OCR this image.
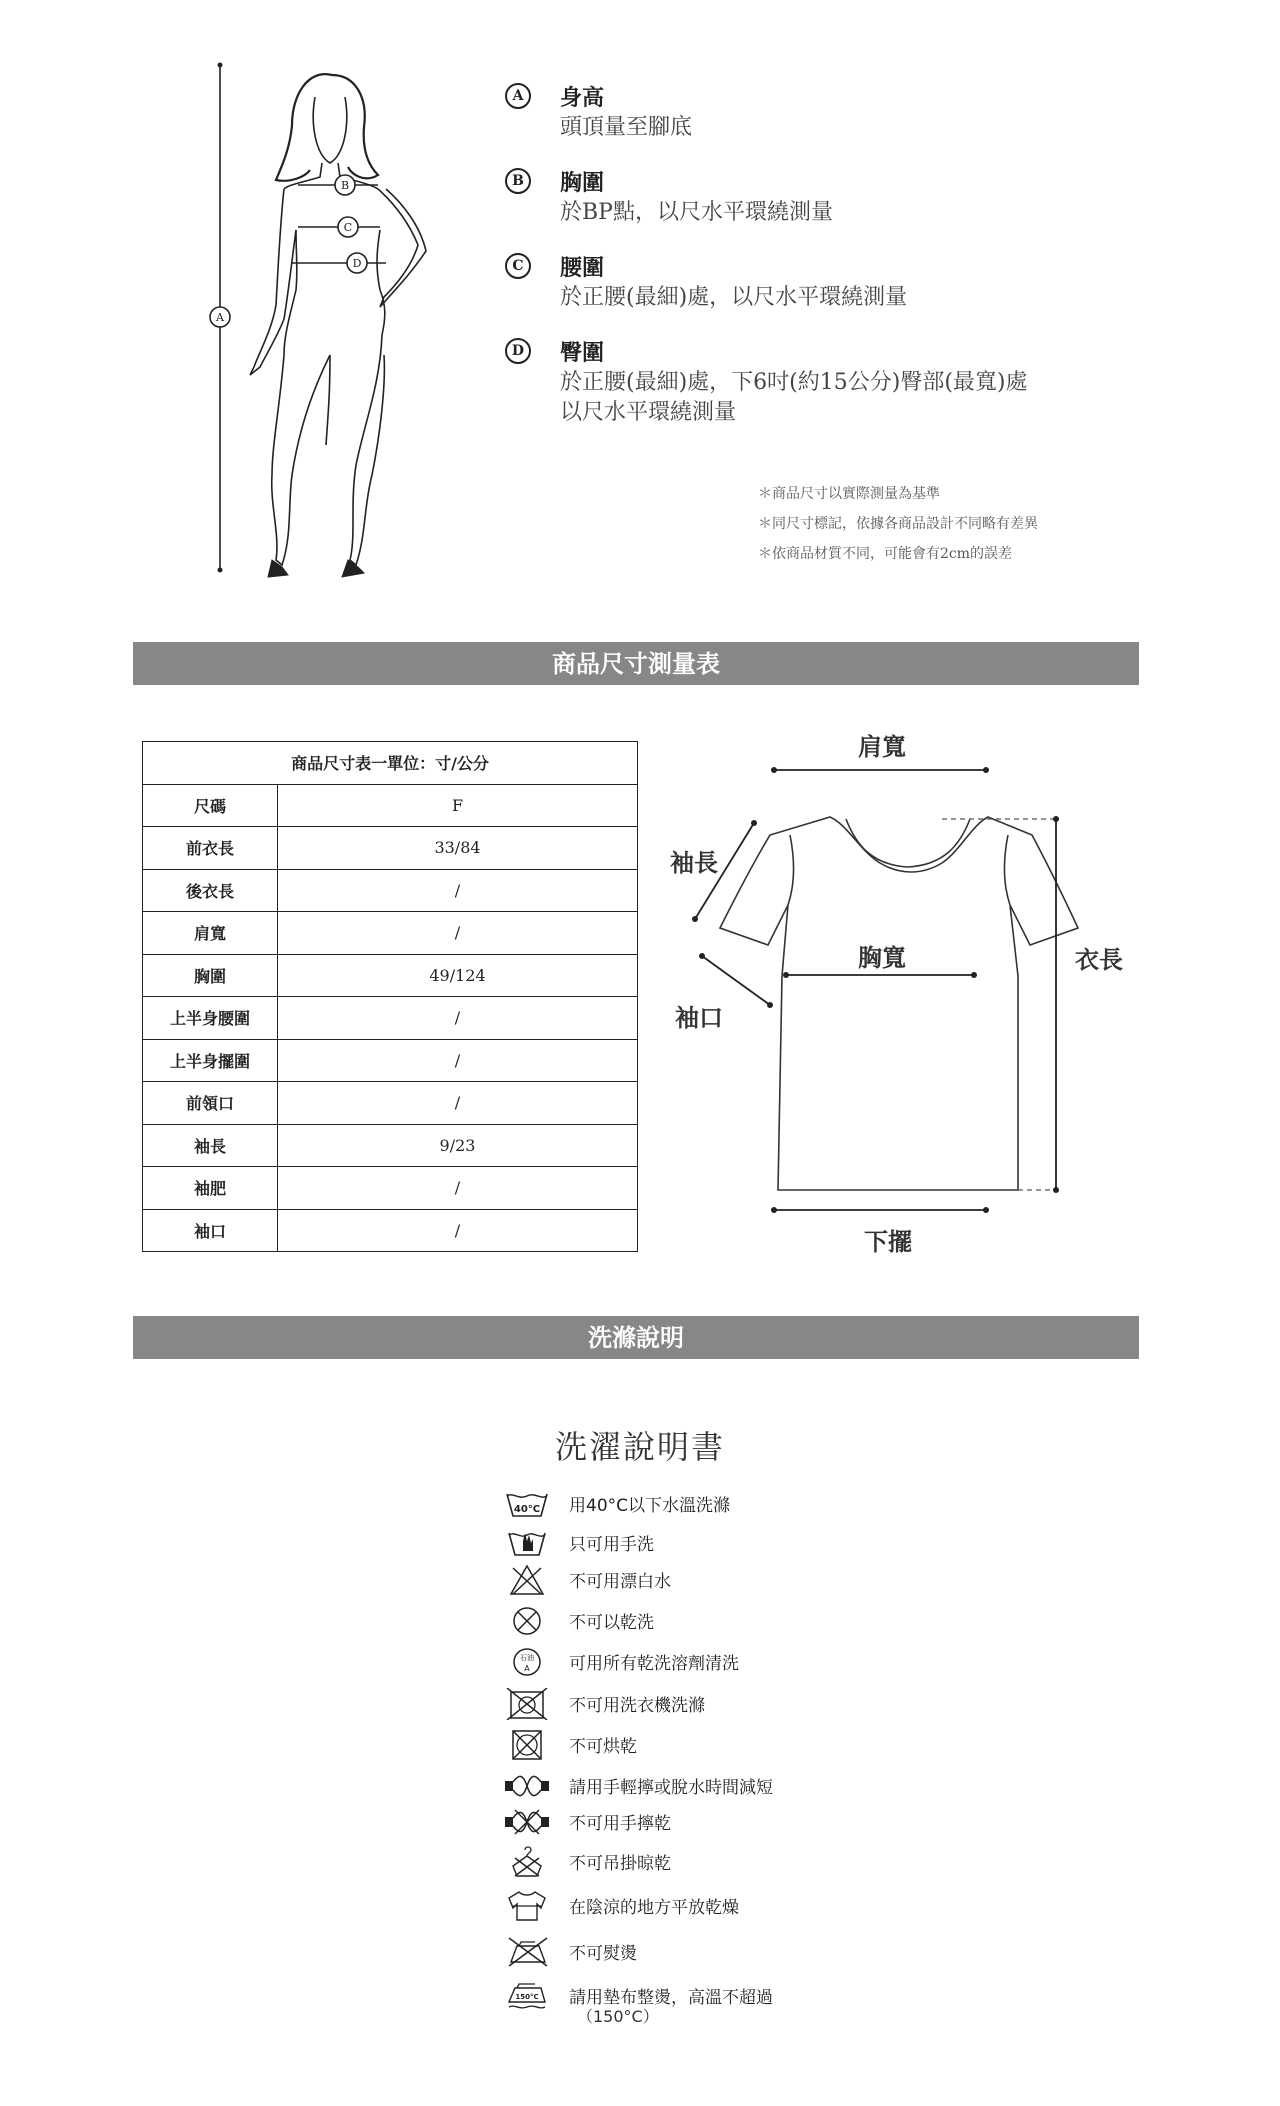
A
B
C
D
A	身高
頭頂量至腳底
B	胸圍
於BP點，以尺水平環繞測量
C	腰圍
於正腰(最細)處，以尺水平環繞測量
D	臀圍
於正腰(最細)處，下6吋(約15公分)臀部(最寬)處
以尺水平環繞測量
＊商品尺寸以實際測量為基準
＊同尺寸標記，依據各商品設計不同略有差異
＊依商品材質不同，可能會有2cm的誤差
商品尺寸測量表
商品尺寸表一單位：寸/公分	
尺碼	F
前衣長	33/84
後衣長	/
肩寬	/
胸圍	49/124
上半身腰圍	/
上半身擺圍	/
前領口	/
袖長	9/23
袖肥	/
袖口	/
肩寬
袖長
胸寬	衣長
袖口
下擺
洗滌說明
洗濯說明書
40°C 用40°C以下水溫洗滌
只可用手洗
不可用漂白水
不可以乾洗
石油
A 可用所有乾洗溶劑清洗
不可用洗衣機洗滌
不可烘乾
請用手輕擰或脫水時間減短
不可用手擰乾
不可吊掛晾乾
在陰涼的地方平放乾燥
不可熨燙
150°C 請用墊布整燙，高溫不超過
（150°C）
